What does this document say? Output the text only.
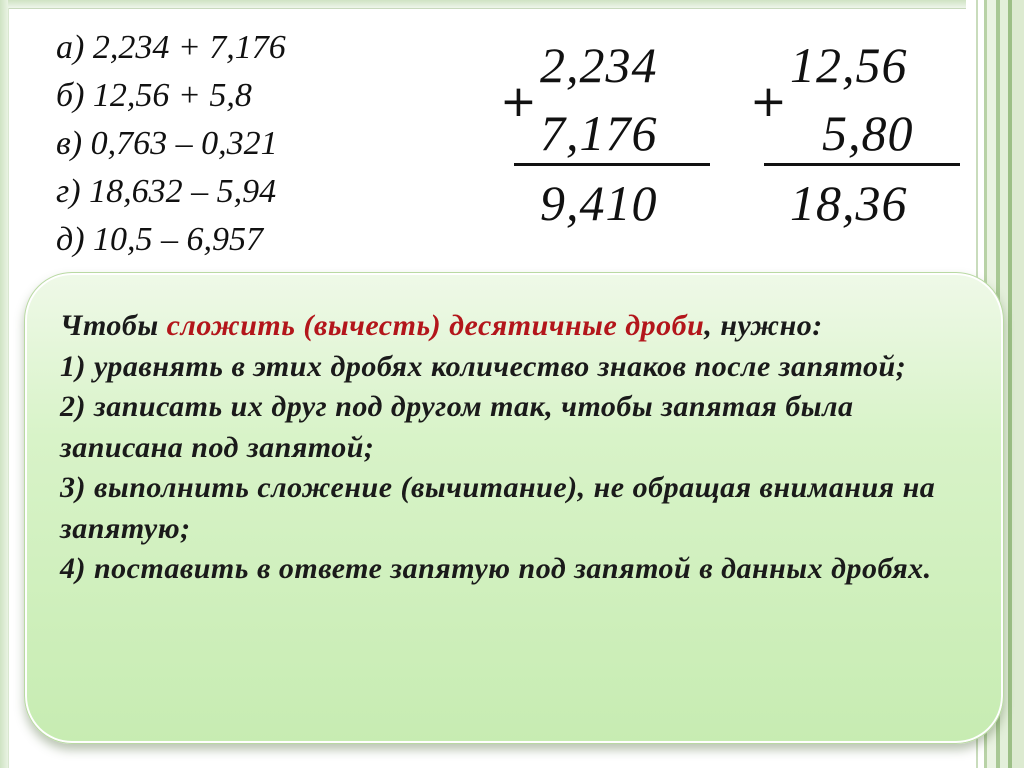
а) 2,234 + 7,176
б) 12,56 + 5,8
в) 0,763 – 0,321
г) 18,632 – 5,94
д) 10,5 – 6,957
+
2,234
7,176
9,410
+
12,56
5,80
18,36
Чтобы сложить (вычесть) десятичные дроби, нужно:
1) уравнять в этих дробях количество знаков после запятой;
2) записать их друг под другом так, чтобы запятая была записана под запятой;
3) выполнить сложение (вычитание), не обращая внимания на запятую;
4) поставить в ответе запятую под запятой в данных дробях.
